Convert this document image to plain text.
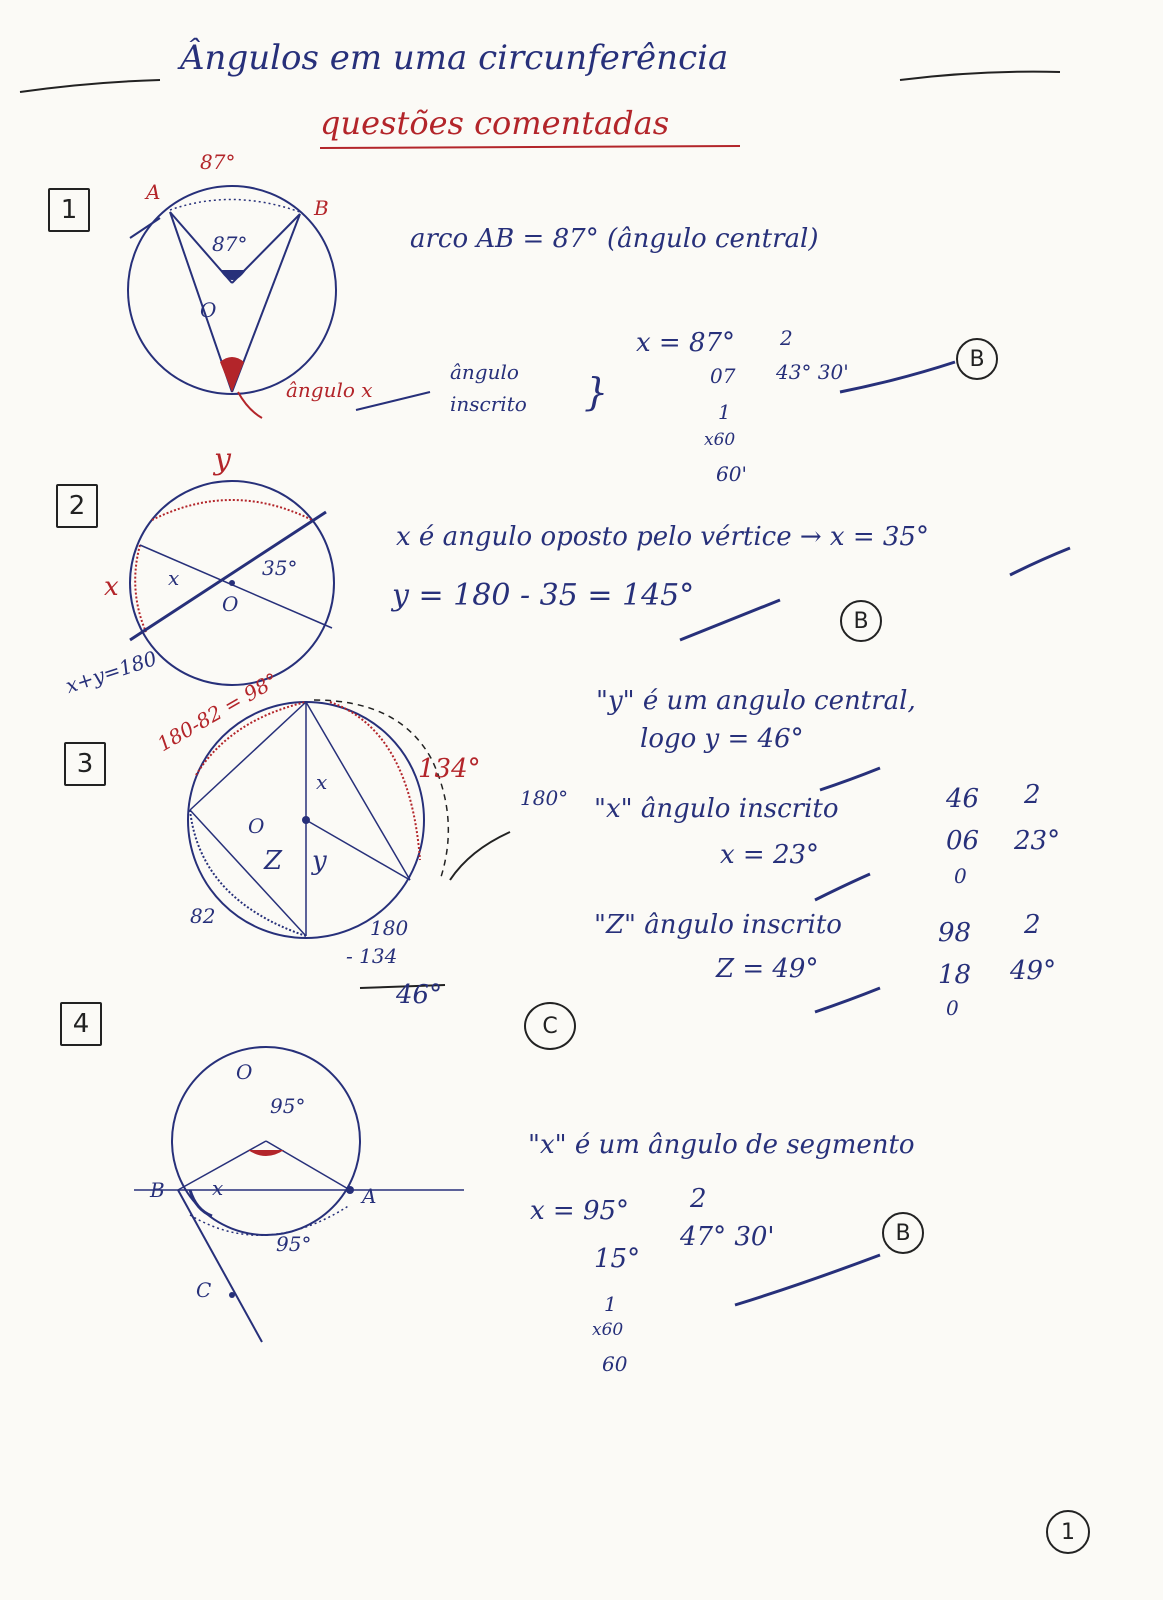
Ângulos em uma circunferência
questões comentadas
1
87°
A
B
87°
O
ângulo x
ângulo
inscrito }
arco AB = 87° (ângulo central)
x = 87°
07
1
x60
60'
2
43° 30'
B
2
y
x x	35°
O
x+y=180
x é angulo oposto pelo vértice → x = 35°
y = 180 - 35 = 145°
B
3
180-82 = 98°
134°
82
180°
x
y
Z
O
180
- 134
46°
"y" é um angulo central,
logo y = 46°
"x" ângulo inscrito
x = 23°
46
06
0
2
23°
"Z" ângulo inscrito
Z = 49°
98
18
0
2
49°
C
4
O
95°
B	A
C
x
95°
"x" é um ângulo de segmento
x = 95°
15°
1
x60
60
2
47° 30'	B
1
